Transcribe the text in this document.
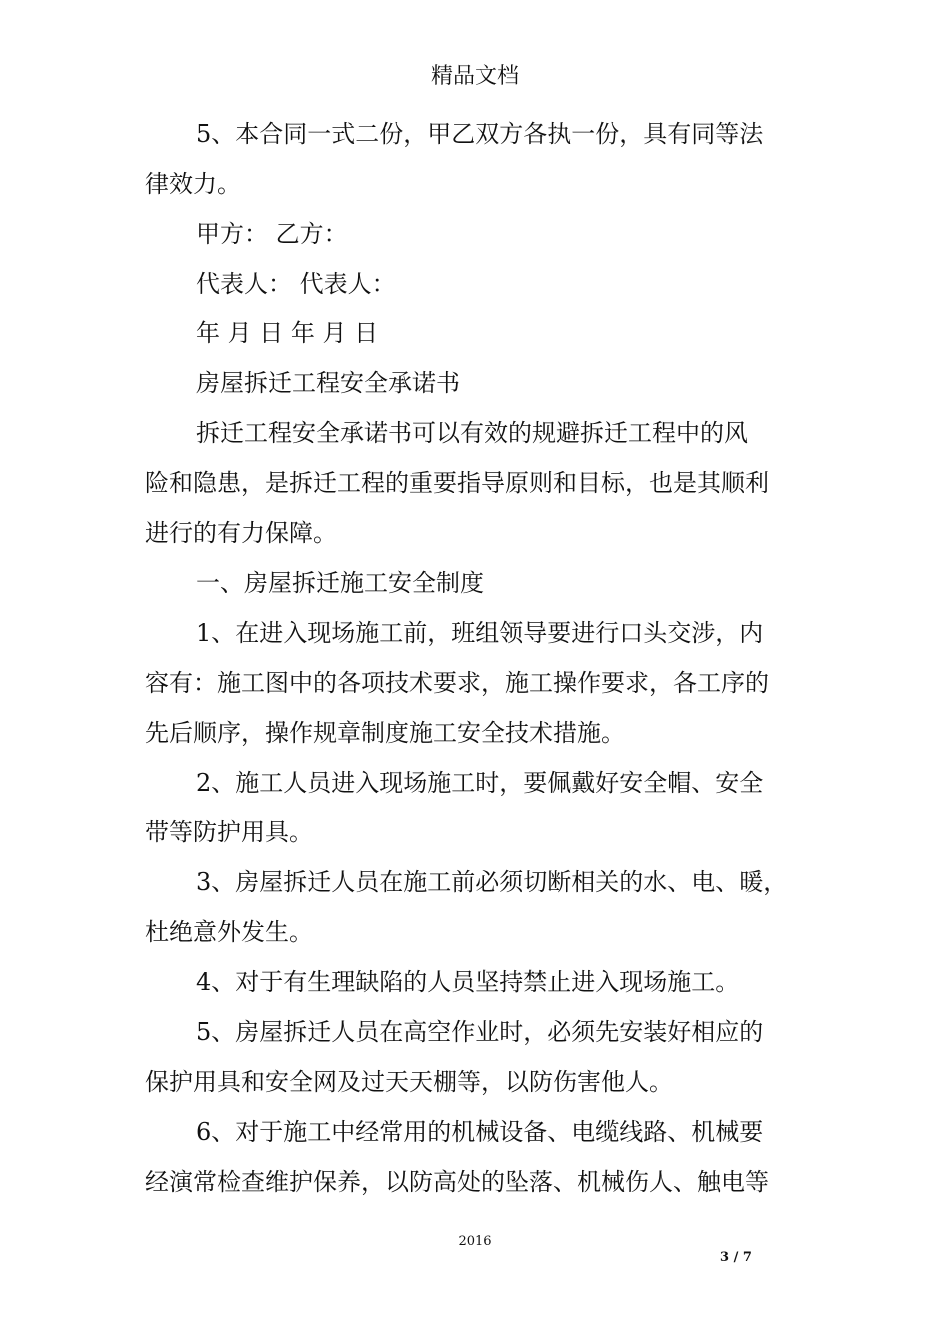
精品文档
5、本合同一式二份，甲乙双方各执一份，具有同等法
律效力。
甲方： 乙方：
代表人： 代表人：
年 月 日 年 月 日
房屋拆迁工程安全承诺书
拆迁工程安全承诺书可以有效的规避拆迁工程中的风
险和隐患，是拆迁工程的重要指导原则和目标，也是其顺利
进行的有力保障。
一、房屋拆迁施工安全制度
1、在进入现场施工前，班组领导要进行口头交涉，内
容有：施工图中的各项技术要求，施工操作要求，各工序的
先后顺序，操作规章制度施工安全技术措施。
2、施工人员进入现场施工时，要佩戴好安全帽、安全
带等防护用具。
3、房屋拆迁人员在施工前必须切断相关的水、电、暖，
杜绝意外发生。
4、对于有生理缺陷的人员坚持禁止进入现场施工。
5、房屋拆迁人员在高空作业时，必须先安装好相应的
保护用具和安全网及过天天棚等，以防伤害他人。
6、对于施工中经常用的机械设备、电缆线路、机械要
经演常检查维护保养，以防高处的坠落、机械伤人、触电等
2016
3 / 7
